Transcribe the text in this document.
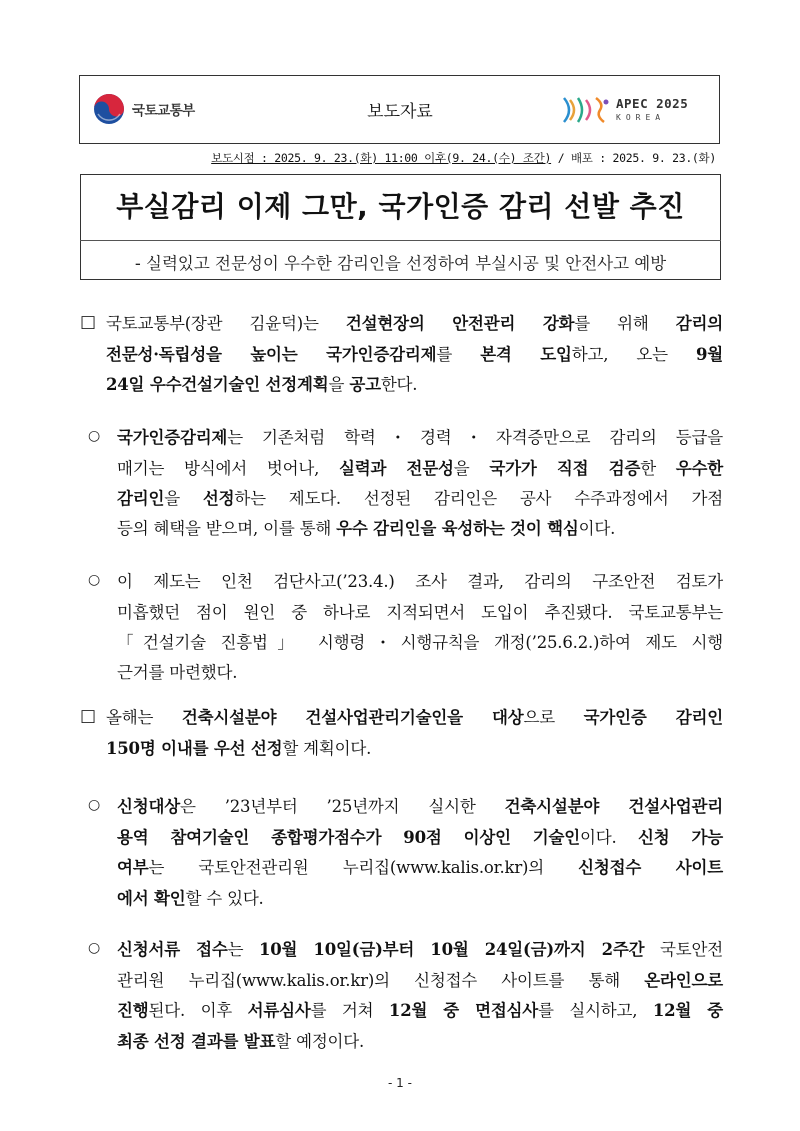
국토교통부	보도자료	APEC 2025
KOREA
보도시점 : 2025. 9. 23.(화) 11:00 이후(9. 24.(수) 조간) / 배포 : 2025. 9. 23.(화)
부실감리 이제 그만, 국가인증 감리 선발 추진
- 실력있고 전문성이 우수한 감리인을 선정하여 부실시공 및 안전사고 예방
□ 국토교통부(장관 김윤덕)는 건설현장의 안전관리 강화를 위해 감리의
전문성·독립성을 높이는 국가인증감리제를 본격 도입하고, 오는 9월
24일 우수건설기술인 선정계획을 공고한다.
○ 국가인증감리제는 기존처럼 학력・경력・자격증만으로 감리의 등급을
매기는 방식에서 벗어나, 실력과 전문성을 국가가 직접 검증한 우수한
감리인을 선정하는 제도다. 선정된 감리인은 공사 수주과정에서 가점
등의 혜택을 받으며, 이를 통해 우수 감리인을 육성하는 것이 핵심이다.
○ 이 제도는 인천 검단사고(’23.4.) 조사 결과, 감리의 구조안전 검토가
미흡했던 점이 원인 중 하나로 지적되면서 도입이 추진됐다. 국토교통부는
「건설기술 진흥법」 시행령・시행규칙을 개정(’25.6.2.)하여 제도 시행
근거를 마련했다.
□ 올해는 건축시설분야 건설사업관리기술인을 대상으로 국가인증 감리인
150명 이내를 우선 선정할 계획이다.
○ 신청대상은 ’23년부터 ’25년까지 실시한 건축시설분야 건설사업관리
용역 참여기술인 종합평가점수가 90점 이상인 기술인이다. 신청 가능
여부는 국토안전관리원 누리집(www.kalis.or.kr)의 신청접수 사이트
에서 확인할 수 있다.
○ 신청서류 접수는 10월 10일(금)부터 10월 24일(금)까지 2주간 국토안전
관리원 누리집(www.kalis.or.kr)의 신청접수 사이트를 통해 온라인으로
진행된다. 이후 서류심사를 거쳐 12월 중 면접심사를 실시하고, 12월 중
최종 선정 결과를 발표할 예정이다.
- 1 -
